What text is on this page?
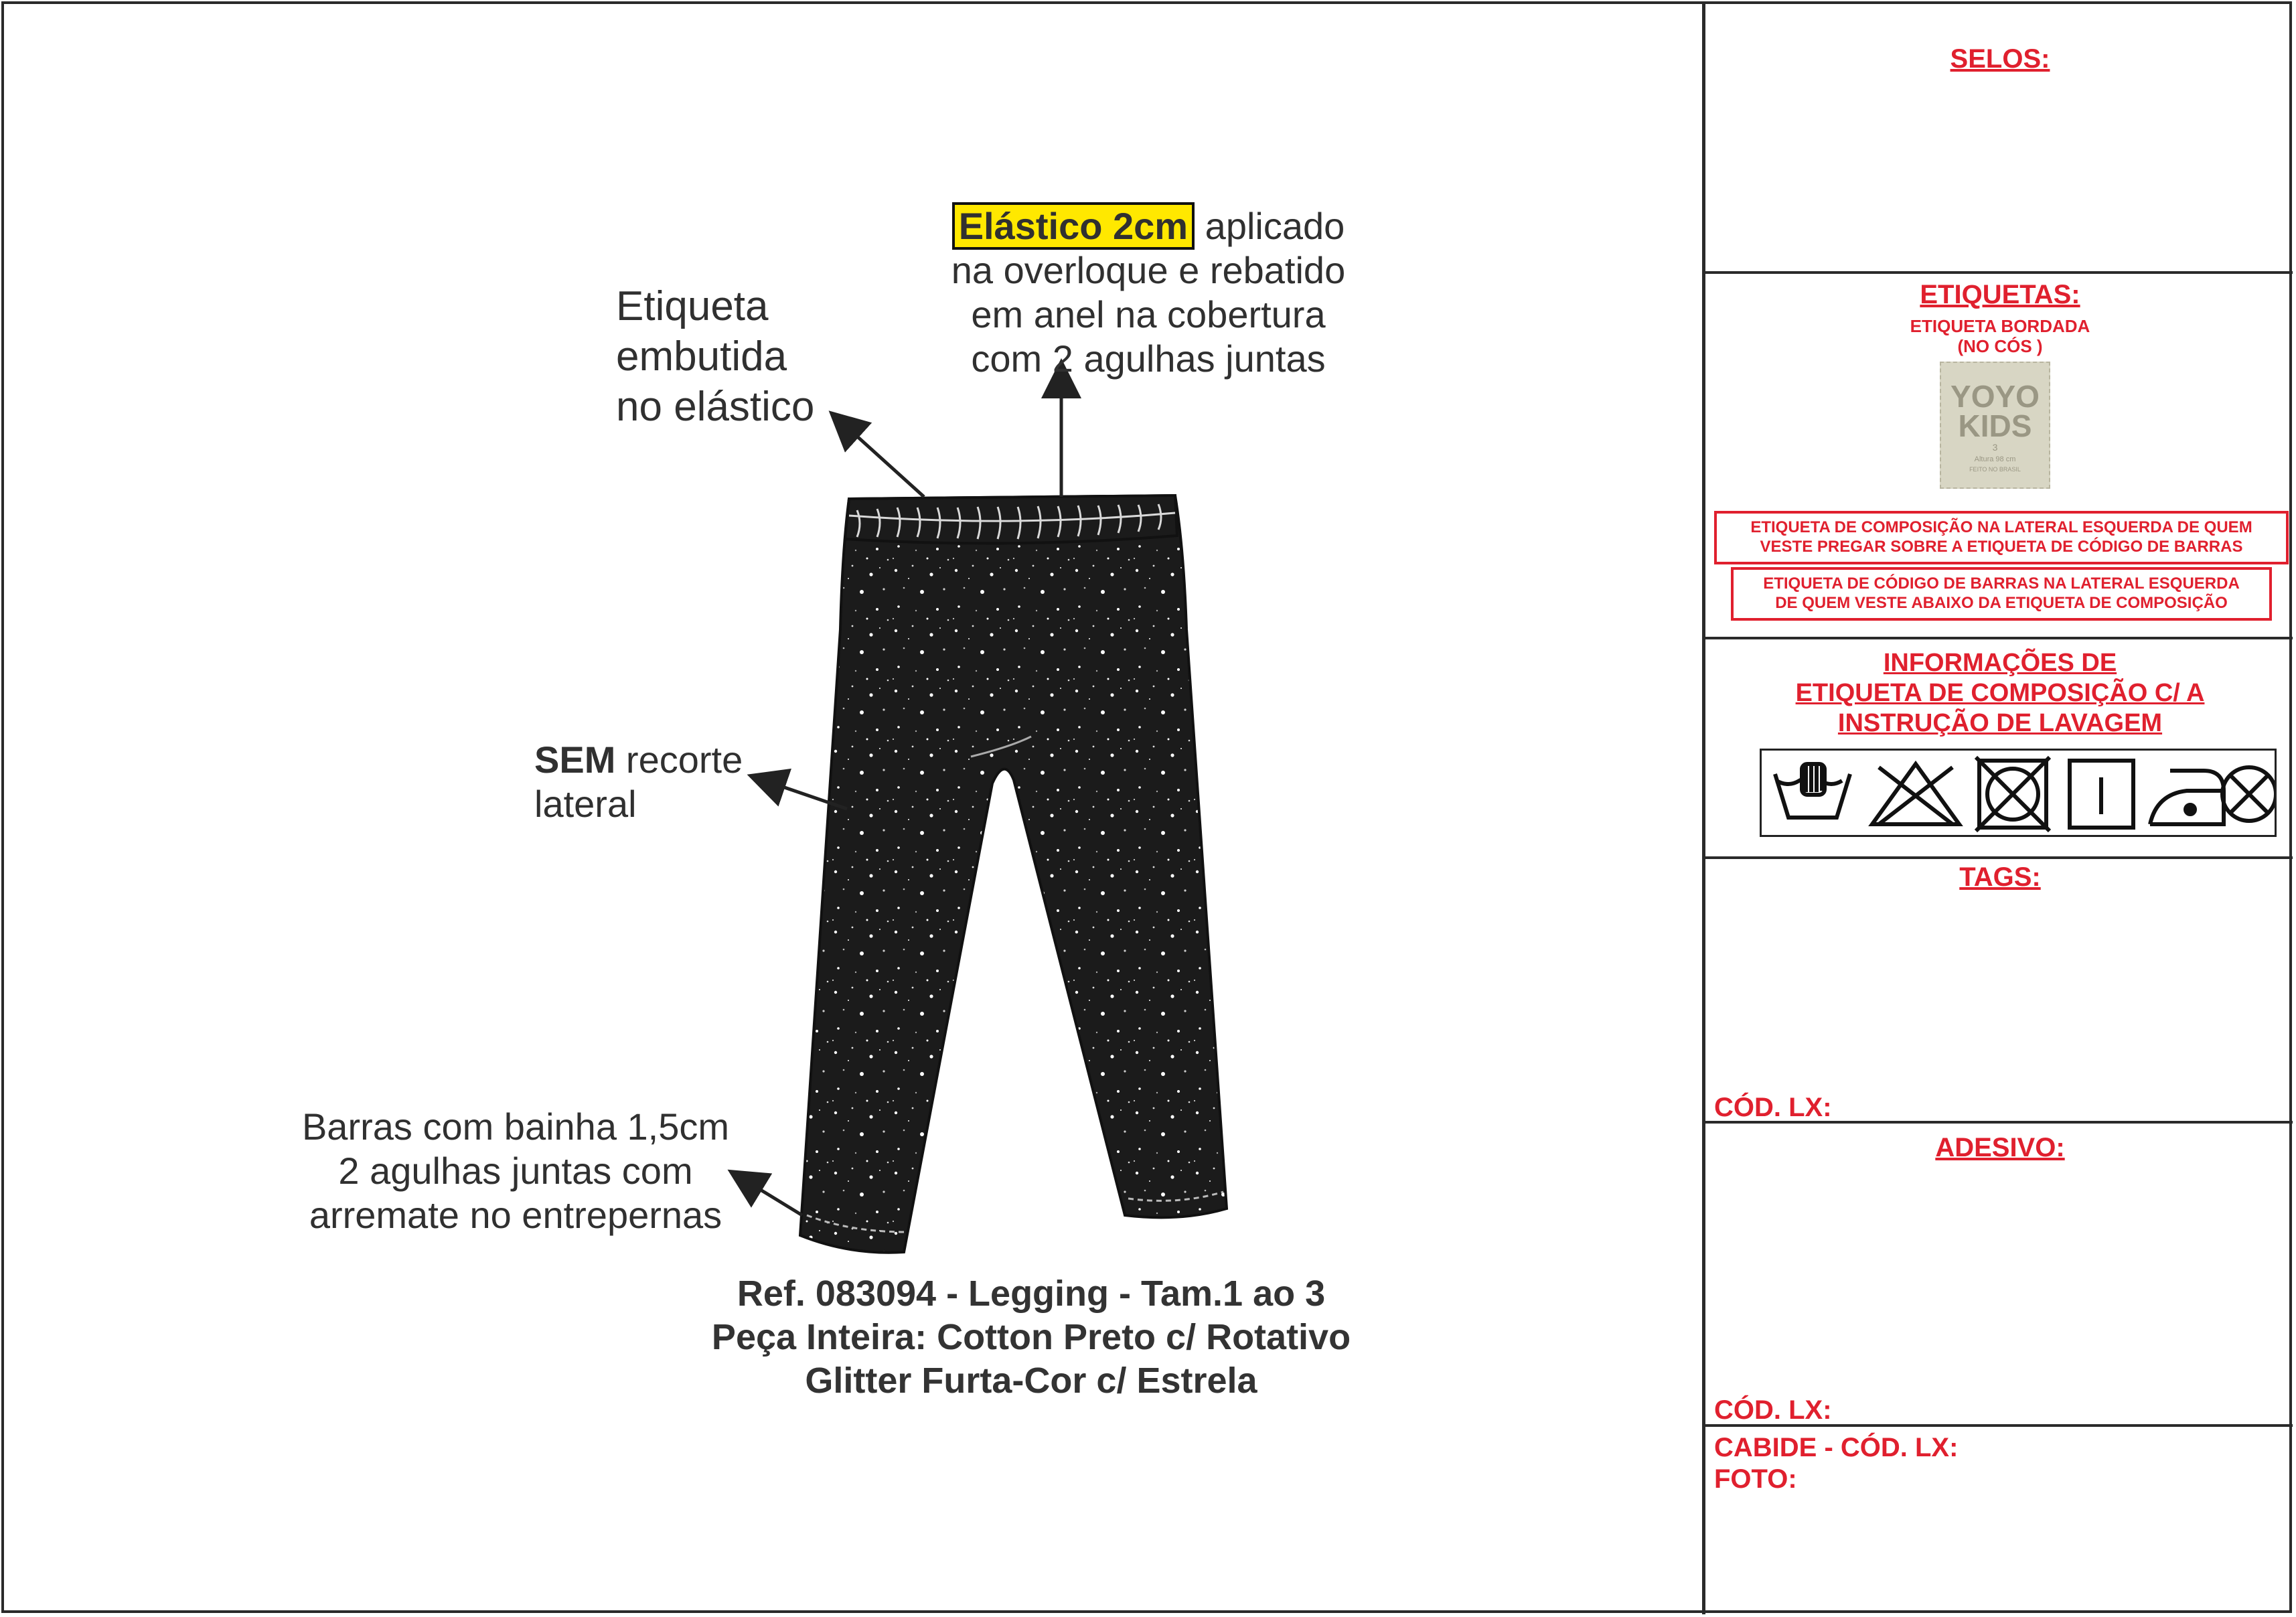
Elástico 2cm aplicado
na overloque e rebatido
em anel na cobertura
com 2 agulhas juntas
Etiqueta
embutida
no elástico
SEM recorte
lateral
Barras com bainha 1,5cm
2 agulhas juntas com
arremate no entrepernas
Ref. 083094 - Legging - Tam.1 ao 3
Peça Inteira: Cotton Preto c/ Rotativo
Glitter Furta-Cor c/ Estrela
SELOS:
ETIQUETAS:
ETIQUETA BORDADA
(NO CÓS )
YOYO
KIDS
3
Altura 98 cm
FEITO NO BRASIL
ETIQUETA DE COMPOSIÇÃO NA LATERAL ESQUERDA DE QUEM
VESTE PREGAR SOBRE A ETIQUETA DE CÓDIGO DE BARRAS
ETIQUETA DE CÓDIGO DE BARRAS NA LATERAL ESQUERDA
DE QUEM VESTE ABAIXO DA ETIQUETA DE COMPOSIÇÃO
INFORMAÇÕES DE
ETIQUETA DE COMPOSIÇÃO C/ A
INSTRUÇÃO DE LAVAGEM
TAGS:
CÓD. LX:
ADESIVO:
CÓD. LX:
CABIDE - CÓD. LX:
FOTO:
